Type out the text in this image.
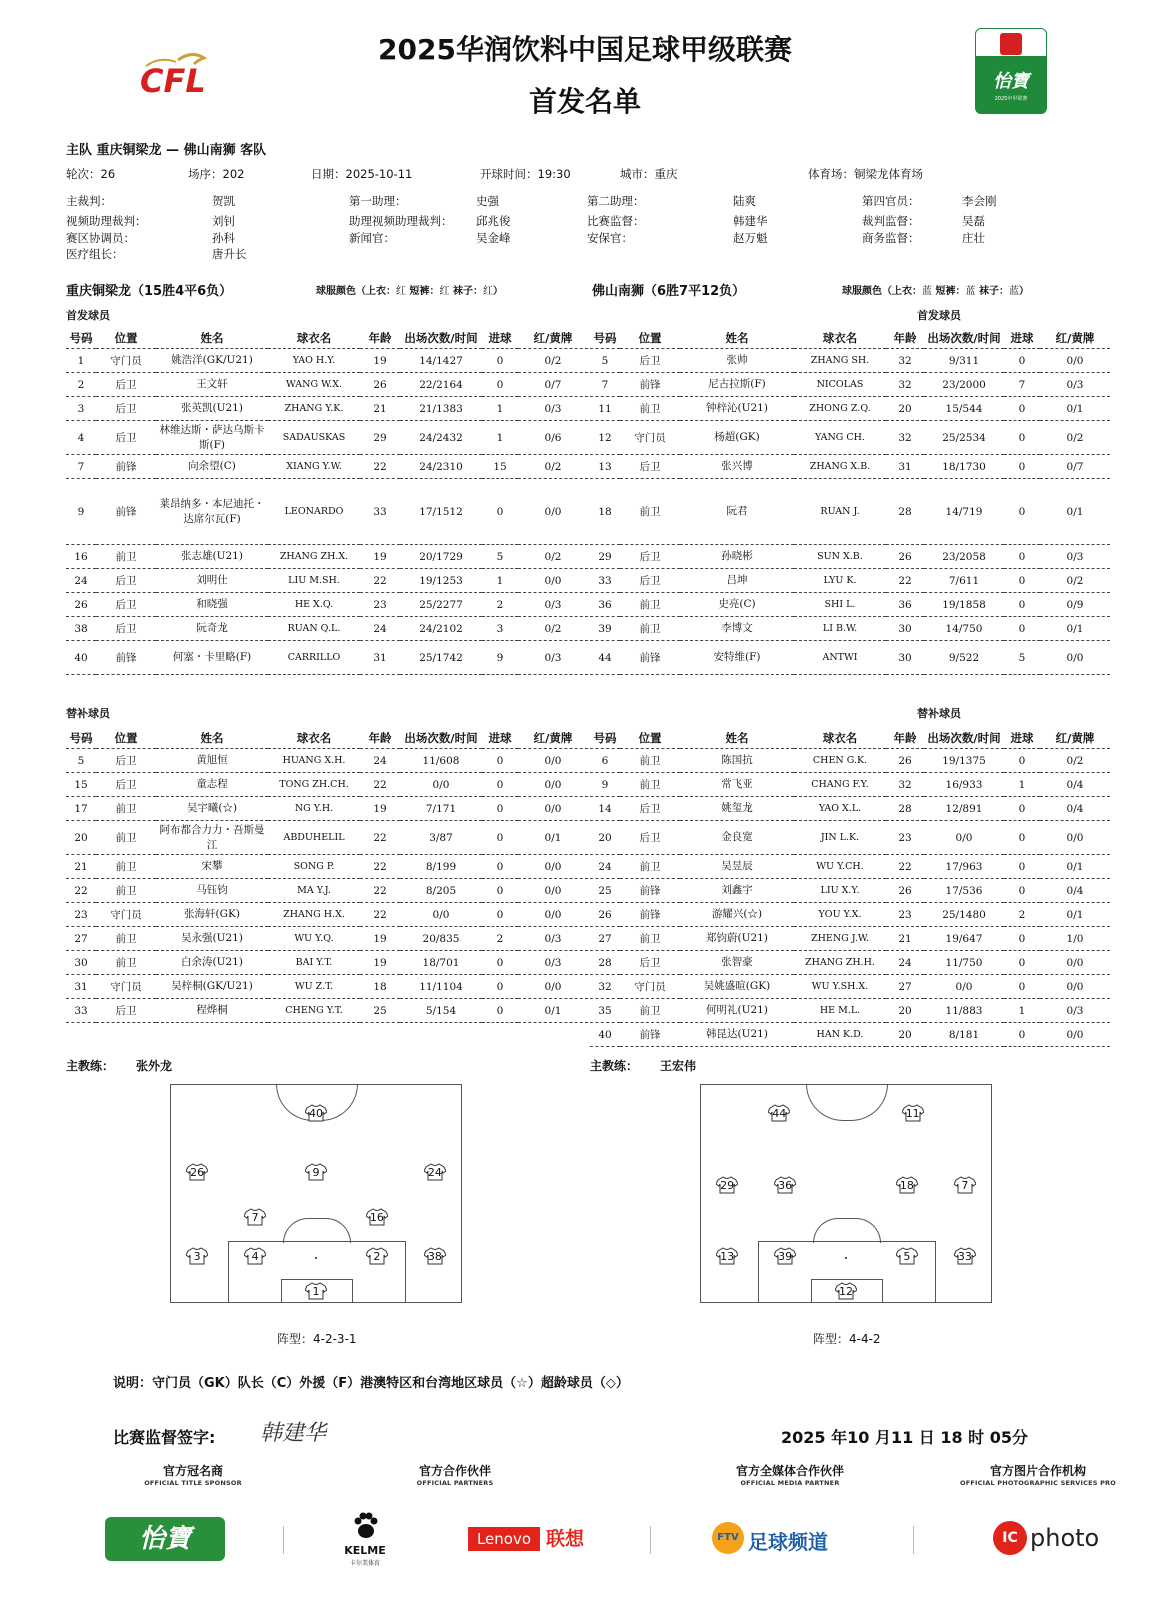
CFL
2025华润饮料中国足球甲级联赛
首发名单
怡寶
2025中甲联赛
主队 重庆铜梁龙 — 佛山南狮 客队
轮次：26	场序：202	日期：2025-10-11	开球时间：19:30	城市：重庆	体育场：铜梁龙体育场
主裁判：	贺凯	第一助理：	史强	第二助理：	陆爽	第四官员：	李会刚
视频助理裁判：	刘钊	助理视频助理裁判： 邱兆俊	比赛监督：	韩建华	裁判监督：	吴磊
赛区协调员：	孙科	新闻官：	吴金峰	安保官：	赵万魁	商务监督：	庄壮
医疗组长：	唐升长
重庆铜梁龙（15胜4平6负）	球服颜色（上衣：红 短裤：红 袜子：红）	佛山南狮（6胜7平12负）	球服颜色（上衣：蓝 短裤：蓝 袜子：蓝）
首发球员	首发球员
替补球员	替补球员
号码	位置	姓名	球衣名	年龄	出场次数/时间	进球	红/黄牌
1	守门员	姚浩洋(GK/U21)	YAO H.Y.	19	14/1427	0	0/2
2	后卫	王文轩	WANG W.X.	26	22/2164	0	0/7
3	后卫	张英凯(U21)	ZHANG Y.K.	21	21/1383	1	0/3
4	后卫	林维达斯・萨达乌斯卡斯(F)	SADAUSKAS	29	24/2432	1	0/6
7	前锋	向余望(C)	XIANG Y.W.	22	24/2310	15	0/2
9	前锋	莱昂纳多・本尼迪托・达席尔瓦(F)	LEONARDO	33	17/1512	0	0/0
16	前卫	张志雄(U21)	ZHANG ZH.X.	19	20/1729	5	0/2
24	后卫	刘明仕	LIU M.SH.	22	19/1253	1	0/0
26	后卫	和晓强	HE X.Q.	23	25/2277	2	0/3
38	后卫	阮奇龙	RUAN Q.L.	24	24/2102	3	0/2
40	前锋	何塞・卡里略(F)	CARRILLO	31	25/1742	9	0/3
号码	位置	姓名	球衣名	年龄	出场次数/时间	进球	红/黄牌
5	后卫	张帅	ZHANG SH.	32	9/311	0	0/0
7	前锋	尼古拉斯(F)	NICOLAS	32	23/2000	7	0/3
11	前卫	钟梓沁(U21)	ZHONG Z.Q.	20	15/544	0	0/1
12	守门员	杨超(GK)	YANG CH.	32	25/2534	0	0/2
13	后卫	张兴博	ZHANG X.B.	31	18/1730	0	0/7
18	前卫	阮君	RUAN J.	28	14/719	0	0/1
29	后卫	孙晓彬	SUN X.B.	26	23/2058	0	0/3
33	后卫	吕坤	LYU K.	22	7/611	0	0/2
36	前卫	史亮(C)	SHI L.	36	19/1858	0	0/9
39	前卫	李博文	LI B.W.	30	14/750	0	0/1
44	前锋	安特维(F)	ANTWI	30	9/522	5	0/0
号码	位置	姓名	球衣名	年龄	出场次数/时间	进球	红/黄牌
5	后卫	黄旭恒	HUANG X.H.	24	11/608	0	0/0
15	后卫	童志程	TONG ZH.CH.	22	0/0	0	0/0
17	前卫	吴宇曦(☆)	NG Y.H.	19	7/171	0	0/0
20	前卫	阿布都合力力・吾斯曼江	ABDUHELIL	22	3/87	0	0/1
21	前卫	宋攀	SONG P.	22	8/199	0	0/0
22	前卫	马钰钧	MA Y.J.	22	8/205	0	0/0
23	守门员	张海轩(GK)	ZHANG H.X.	22	0/0	0	0/0
27	前卫	吴永强(U21)	WU Y.Q.	19	20/835	2	0/3
30	前卫	白余涛(U21)	BAI Y.T.	19	18/701	0	0/3
31	守门员	吴梓桐(GK/U21)	WU Z.T.	18	11/1104	0	0/0
33	后卫	程烨桐	CHENG Y.T.	25	5/154	0	0/1
号码	位置	姓名	球衣名	年龄	出场次数/时间	进球	红/黄牌
6	前卫	陈国抗	CHEN G.K.	26	19/1375	0	0/2
9	前卫	常飞亚	CHANG F.Y.	32	16/933	1	0/4
14	后卫	姚玺龙	YAO X.L.	28	12/891	0	0/4
20	后卫	金良宽	JIN L.K.	23	0/0	0	0/0
24	前卫	吴昱辰	WU Y.CH.	22	17/963	0	0/1
25	前锋	刘鑫宇	LIU X.Y.	26	17/536	0	0/4
26	前锋	游耀兴(☆)	YOU Y.X.	23	25/1480	2	0/1
27	前卫	郑钧蔚(U21)	ZHENG J.W.	21	19/647	0	1/0
28	后卫	张智豪	ZHANG ZH.H.	24	11/750	0	0/0
32	守门员	吴姚盛暄(GK)	WU Y.SH.X.	27	0/0	0	0/0
35	前卫	何明礼(U21)	HE M.L.	20	11/883	1	0/3
40	前锋	韩昆达(U21)	HAN K.D.	20	8/181	0	0/0
主教练： 张外龙	主教练： 王宏伟
40
26	9	24
7	16
3	4	2	38
1
44	11
29	36	18	7
13	39	5	33
12
阵型：4-2-3-1	阵型：4-4-2
说明：守门员（GK）队长（C）外援（F）港澳特区和台湾地区球员（☆）超龄球员（◇）
比赛监督签字: 韩建华	2025 年10 月11 日 18 时 05分
官方冠名商
OFFICIAL TITLE SPONSOR
官方合作伙伴
OFFICIAL PARTNERS
官方全媒体合作伙伴
OFFICIAL MEDIA PARTNER
官方图片合作机构
OFFICIAL PHOTOGRAPHIC SERVICES PRO
怡寶	KELME
卡尔美体育
Lenovo 联想	FTV 足球频道	IC photo
